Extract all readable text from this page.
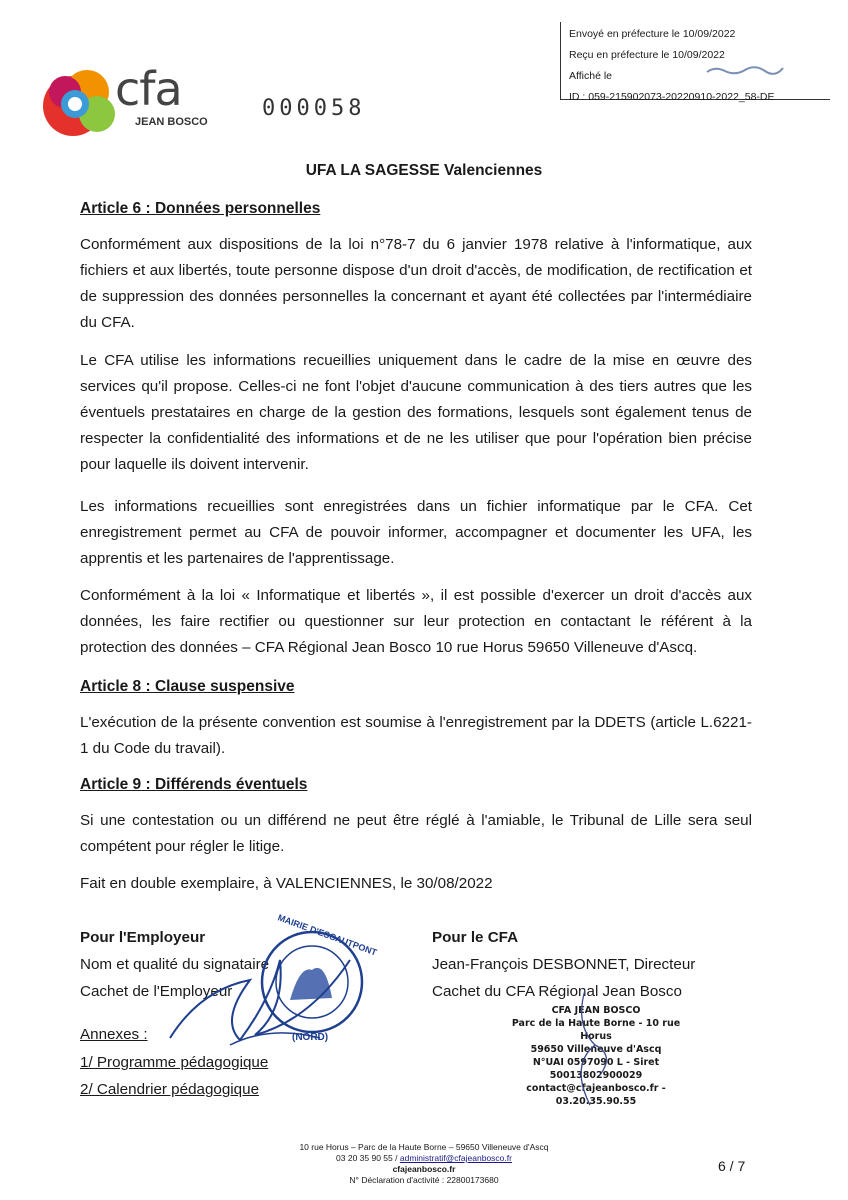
Envoyé en préfecture le 10/09/2022
Reçu en préfecture le 10/09/2022
Affiché le
ID : 059-215902073-20220910-2022_58-DE
cfa
JEAN BOSCO
000058
UFA LA SAGESSE Valenciennes
Article 6 : Données personnelles
Conformément aux dispositions de la loi n°78-7 du 6 janvier 1978 relative à l'informatique, aux fichiers et aux libertés, toute personne dispose d'un droit d'accès, de modification, de rectification et de suppression des données personnelles la concernant et ayant été collectées par l'intermédiaire du CFA.
Le CFA utilise les informations recueillies uniquement dans le cadre de la mise en œuvre des services qu'il propose. Celles-ci ne font l'objet d'aucune communication à des tiers autres que les éventuels prestataires en charge de la gestion des formations, lesquels sont également tenus de respecter la confidentialité des informations et de ne les utiliser que pour l'opération bien précise pour laquelle ils doivent intervenir.
Les informations recueillies sont enregistrées dans un fichier informatique par le CFA. Cet enregistrement permet au CFA de pouvoir informer, accompagner et documenter les UFA, les apprentis et les partenaires de l'apprentissage.
Conformément à la loi « Informatique et libertés », il est possible d'exercer un droit d'accès aux données, les faire rectifier ou questionner sur leur protection en contactant le référent à la protection des données – CFA Régional Jean Bosco 10 rue Horus 59650 Villeneuve d'Ascq.
Article 8 : Clause suspensive
L'exécution de la présente convention est soumise à l'enregistrement par la DDETS (article L.6221-1 du Code du travail).
Article 9 : Différends éventuels
Si une contestation ou un différend ne peut être réglé à l'amiable, le Tribunal de Lille sera seul compétent pour régler le litige.
Fait en double exemplaire, à VALENCIENNES, le 30/08/2022
Pour l'Employeur
Nom et qualité du signataire
Cachet de l'Employeur
Annexes :
1/ Programme pédagogique
2/ Calendrier pédagogique
MAIRIE D'ESCAUTPONT
(NORD)
Pour le CFA
Jean-François DESBONNET, Directeur
Cachet du CFA Régional Jean Bosco
CFA JEAN BOSCO
Parc de la Haute Borne - 10 rue Horus
59650 Villeneuve d'Ascq
N°UAI 0597090 L - Siret 50013802900029
contact@cfajeanbosco.fr - 03.20.35.90.55
10 rue Horus – Parc de la Haute Borne – 59650 Villeneuve d'Ascq
03 20 35 90 55 / administratif@cfajeanbosco.fr
cfajeanbosco.fr
N° Déclaration d'activité : 22800173680
6 / 7
